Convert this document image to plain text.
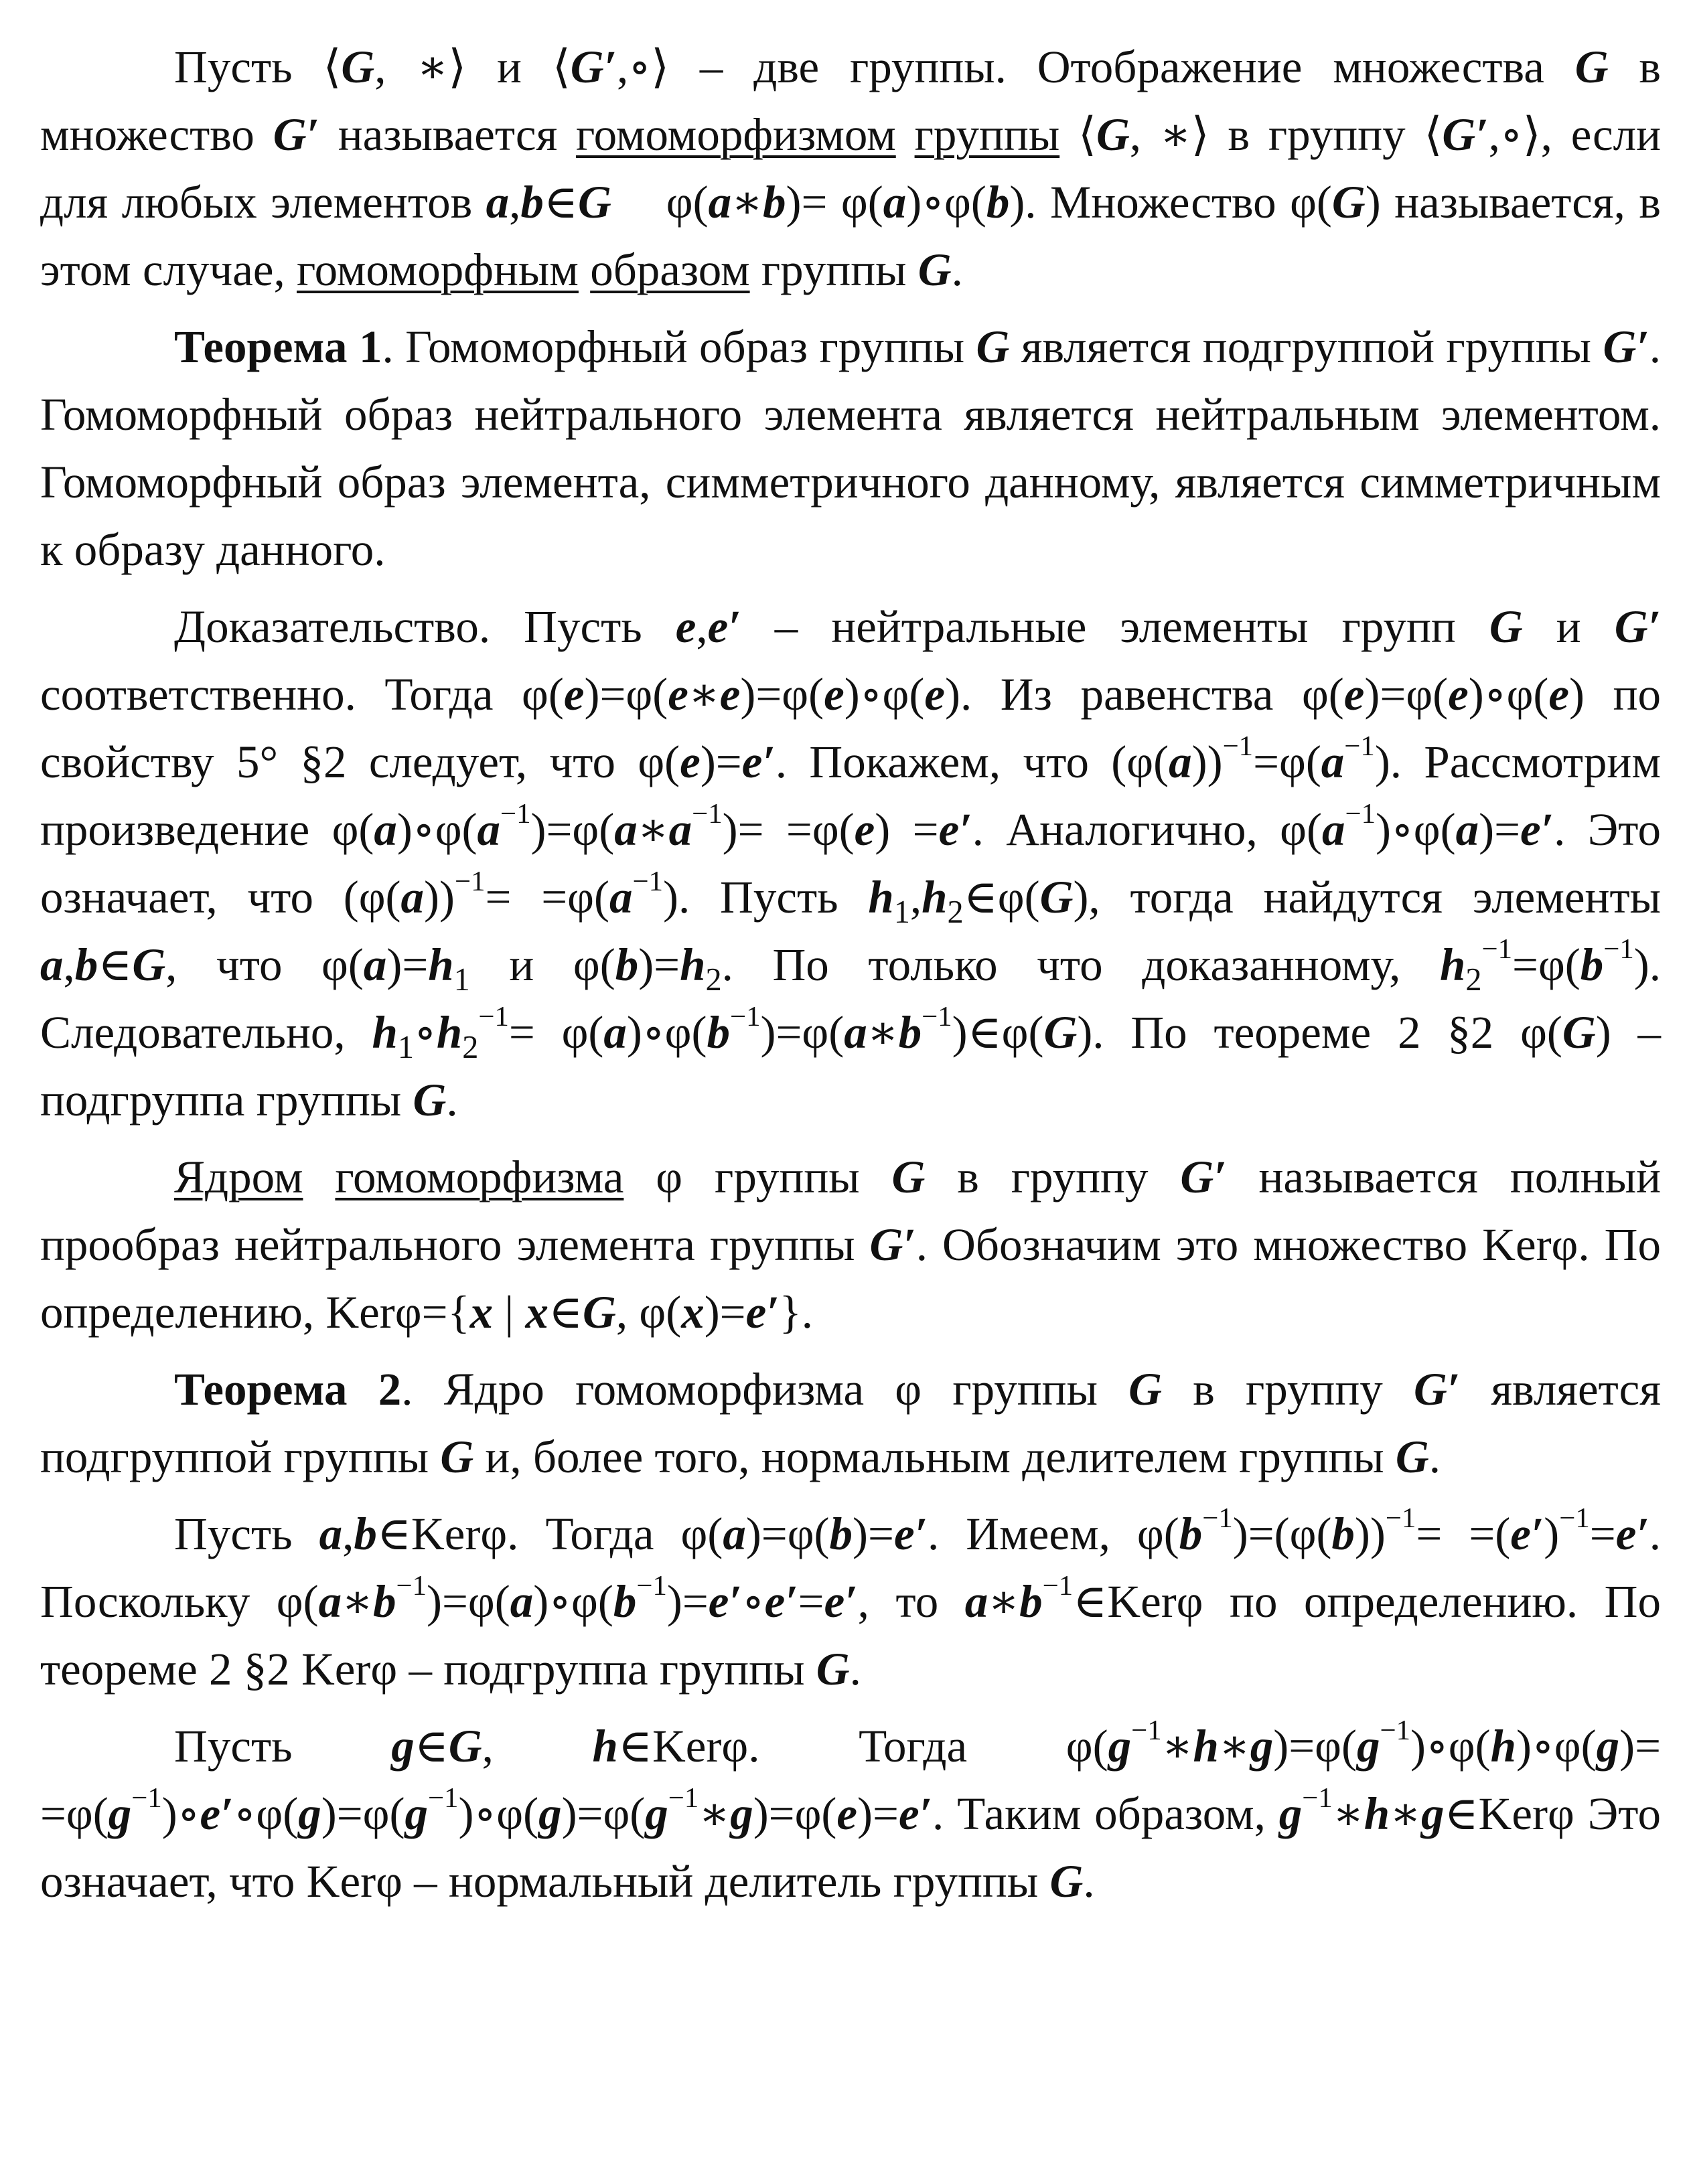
Пусть ⟨G, ∗⟩ и ⟨G′,∘⟩ – две группы. Отображение множества G в множество G′ называется гомоморфизмом группы ⟨G, ∗⟩ в группу ⟨G′,∘⟩, если для любых элементов a,b∈G    φ(a∗b)= φ(a)∘φ(b). Множество φ(G) называется, в этом случае, гомоморфным образом группы G.

Теорема 1. Гомоморфный образ группы G является подгруппой группы G′. Гомоморфный образ нейтрального элемента является нейтральным элементом. Гомоморфный образ элемента, симметричного данному, является симметричным к образу данного.

Доказательство. Пусть e,e′ – нейтральные элементы групп G и G′ соответственно. Тогда φ(e)=φ(e∗e)=φ(e)∘φ(e). Из равенства φ(e)=φ(e)∘φ(e) по свойству 5° §2 следует, что φ(e)=e′. Покажем, что $(\varphi(a))^{-1}=\varphi(a^{-1})$. Рассмотрим произведение $\varphi(a)\circ\varphi(a^{-1})=\varphi(a∗a^{-1})= =\varphi(e) =e'$. Аналогично, $\varphi(a^{-1})\circ\varphi(a)=e'$. Это означает, что $(\varphi(a))^{-1}= =\varphi(a^{-1})$. Пусть $h_1,h_2\in\varphi(G)$, тогда найдутся элементы a,b∈G, что $\varphi(a)=h_1$ и $\varphi(b)=h_2$. По только что доказанному, $h_2^{-1}=\varphi(b^{-1})$. Следовательно, $h_1\circ h_2^{-1}=$ $\varphi(a)\circ\varphi(b^{-1})=\varphi(a∗b^{-1})\in\varphi(G)$. По теореме 2 §2 φ(G) – подгруппа группы G.

Ядром гомоморфизма φ группы G в группу G′ называется полный прообраз нейтрального элемента группы G′. Обозначим это множество Kerφ. По определению, Kerφ={x | x∈G, φ(x)=e′}.

Теорема 2. Ядро гомоморфизма φ группы G в группу G′ является подгруппой группы G и, более того, нормальным делителем группы G.

Пусть a,b∈Kerφ. Тогда φ(a)=φ(b)=e′. Имеем, $\varphi(b^{-1})=(\varphi(b))^{-1}= =(e')^{-1}=e'$. Поскольку $\varphi(a∗b^{-1})=\varphi(a)\circ\varphi(b^{-1})=e'\circ e'=e'$, то $a∗b^{-1}\in Ker\varphi$ по определению. По теореме 2 §2 Kerφ – подгруппа группы G.

Пусть g∈G, h∈Kerφ. Тогда $\varphi(g^{-1}∗h∗g)=\varphi(g^{-1})\circ\varphi(h)\circ\varphi(g)=$ $=\varphi(g^{-1})\circ e'\circ\varphi(g)=\varphi(g^{-1})\circ\varphi(g)=\varphi(g^{-1}∗g)=\varphi(e)=e'$. Таким образом, $g^{-1}∗h∗g\in Ker\varphi$ Это означает, что Kerφ – нормальный делитель группы G.
